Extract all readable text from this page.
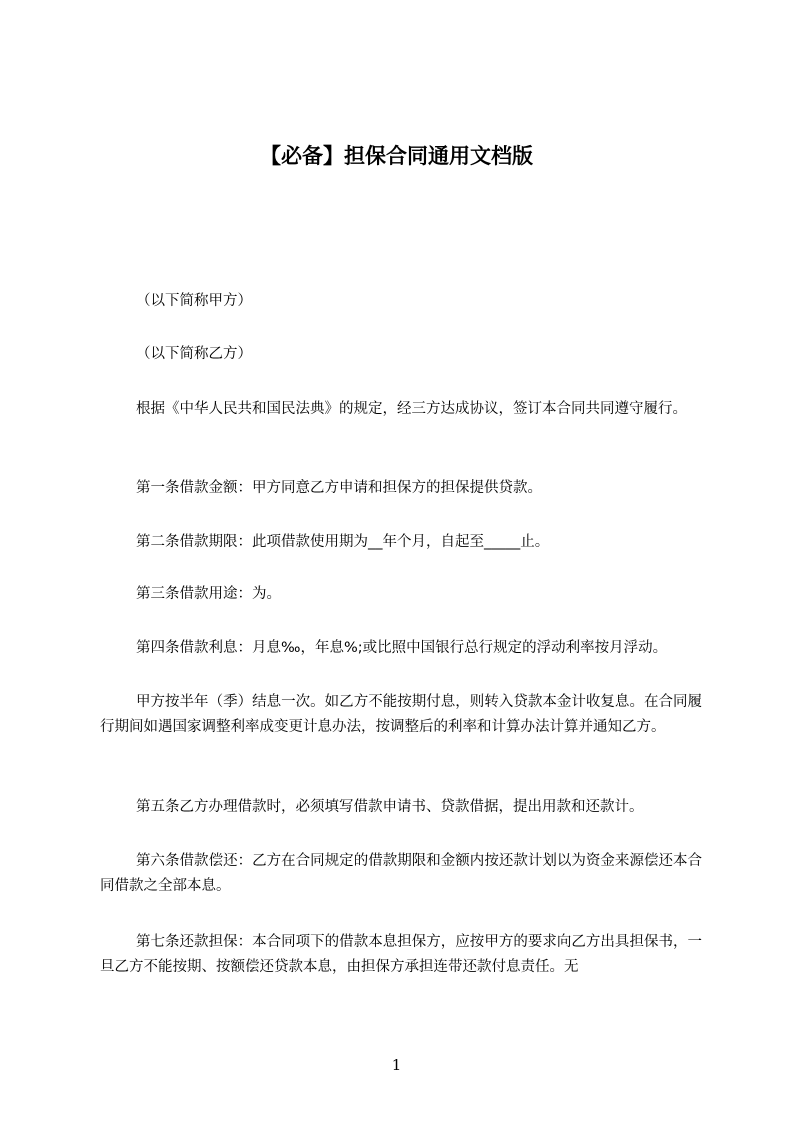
【必备】担保合同通用文档版
（以下简称甲方）
（以下简称乙方）
根据《中华人民共和国民法典》的规定，经三方达成协议，签订本合同共同遵守履行。
第一条借款金额：甲方同意乙方申请和担保方的担保提供贷款。
第二条借款期限：此项借款使用期为__年个月，自起至_____止。
第三条借款用途：为。
第四条借款利息：月息‰，年息%;或比照中国银行总行规定的浮动利率按月浮动。
甲方按半年（季）结息一次。如乙方不能按期付息，则转入贷款本金计收复息。在合同履行期间如遇国家调整利率成变更计息办法，按调整后的利率和计算办法计算并通知乙方。
第五条乙方办理借款时，必须填写借款申请书、贷款借据，提出用款和还款计。
第六条借款偿还：乙方在合同规定的借款期限和金额内按还款计划以为资金来源偿还本合同借款之全部本息。
第七条还款担保：本合同项下的借款本息担保方，应按甲方的要求向乙方出具担保书，一旦乙方不能按期、按额偿还贷款本息，由担保方承担连带还款付息责任。无
1
